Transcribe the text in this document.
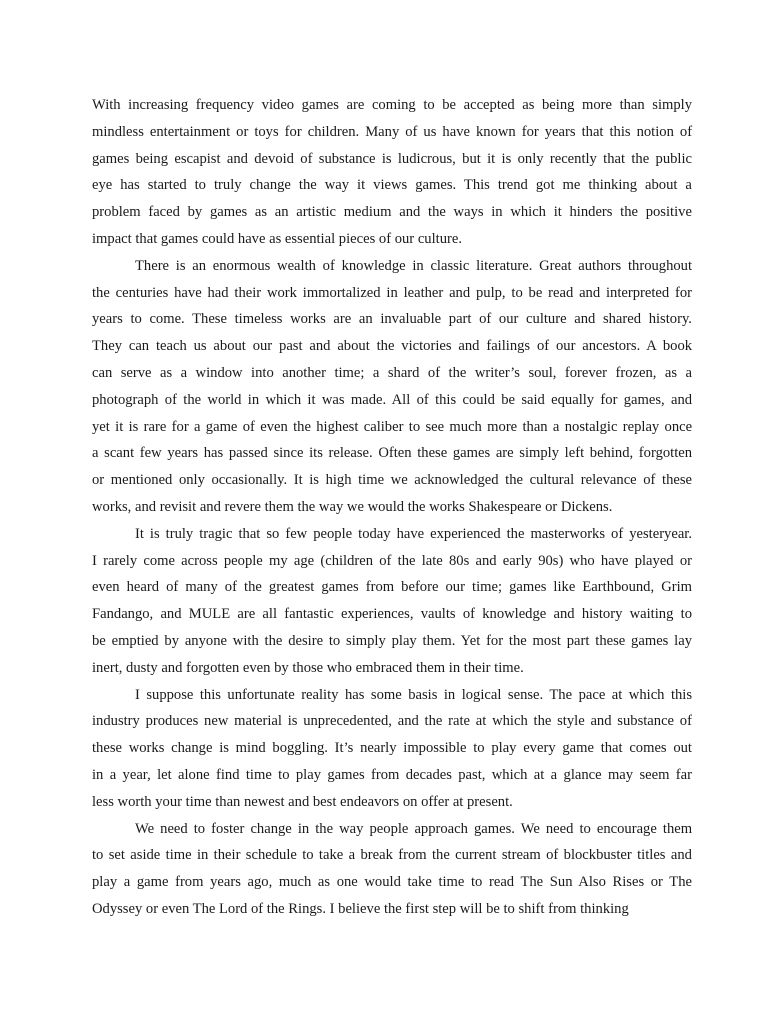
With increasing frequency video games are coming to be accepted as being more than simply
mindless entertainment or toys for children. Many of us have known for years that this notion of
games being escapist and devoid of substance is ludicrous, but it is only recently that the public
eye has started to truly change the way it views games. This trend got me thinking about a
problem faced by games as an artistic medium and the ways in which it hinders the positive
impact that games could have as essential pieces of our culture.
There is an enormous wealth of knowledge in classic literature. Great authors throughout
the centuries have had their work immortalized in leather and pulp, to be read and interpreted for
years to come. These timeless works are an invaluable part of our culture and shared history.
They can teach us about our past and about the victories and failings of our ancestors. A book
can serve as a window into another time; a shard of the writer’s soul, forever frozen, as a
photograph of the world in which it was made. All of this could be said equally for games, and
yet it is rare for a game of even the highest caliber to see much more than a nostalgic replay once
a scant few years has passed since its release. Often these games are simply left behind, forgotten
or mentioned only occasionally. It is high time we acknowledged the cultural relevance of these
works, and revisit and revere them the way we would the works Shakespeare or Dickens.
It is truly tragic that so few people today have experienced the masterworks of yesteryear.
I rarely come across people my age (children of the late 80s and early 90s) who have played or
even heard of many of the greatest games from before our time; games like Earthbound, Grim
Fandango, and MULE are all fantastic experiences, vaults of knowledge and history waiting to
be emptied by anyone with the desire to simply play them. Yet for the most part these games lay
inert, dusty and forgotten even by those who embraced them in their time.
I suppose this unfortunate reality has some basis in logical sense. The pace at which this
industry produces new material is unprecedented, and the rate at which the style and substance of
these works change is mind boggling. It’s nearly impossible to play every game that comes out
in a year, let alone find time to play games from decades past, which at a glance may seem far
less worth your time than newest and best endeavors on offer at present.
We need to foster change in the way people approach games. We need to encourage them
to set aside time in their schedule to take a break from the current stream of blockbuster titles and
play a game from years ago, much as one would take time to read The Sun Also Rises or The
Odyssey or even The Lord of the Rings. I believe the first step will be to shift from thinking
